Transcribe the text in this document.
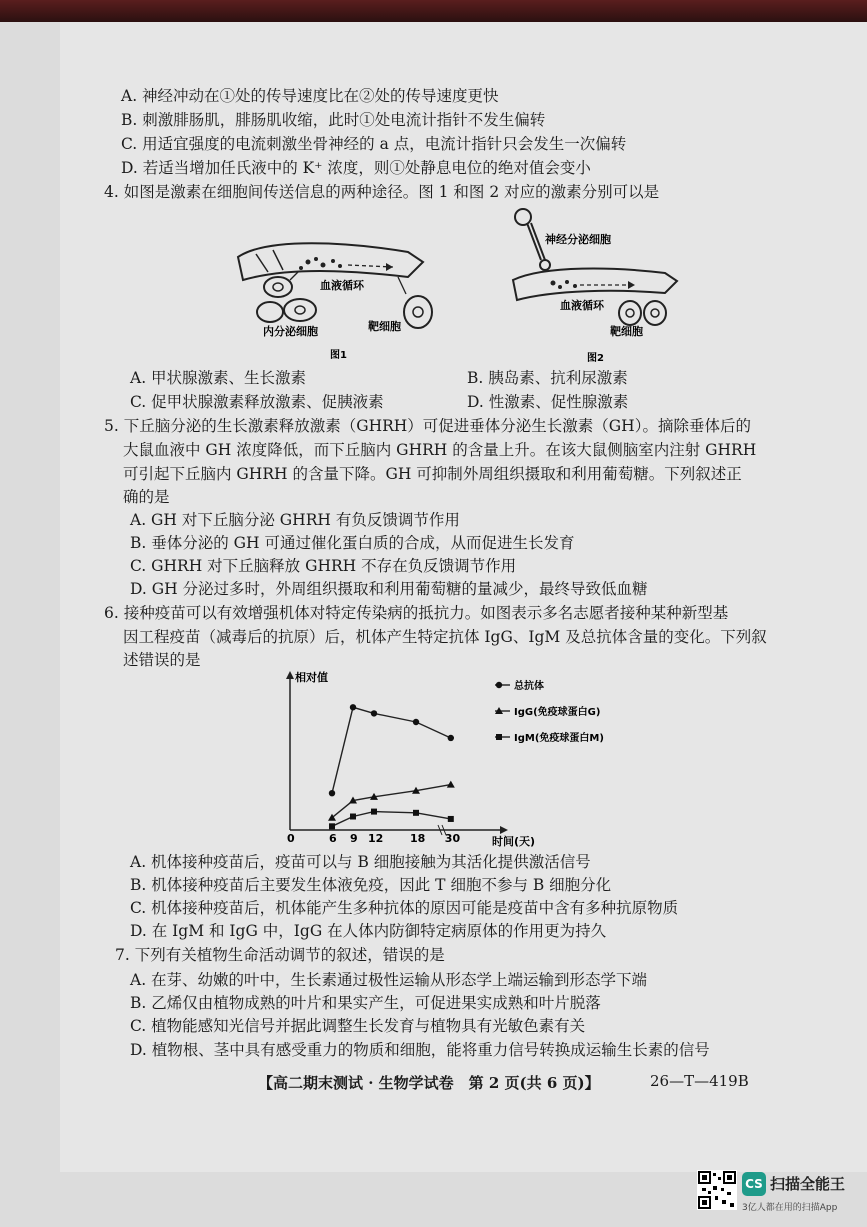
A. 神经冲动在①处的传导速度比在②处的传导速度更快
B. 刺激腓肠肌，腓肠肌收缩，此时①处电流计指针不发生偏转
C. 用适宜强度的电流刺激坐骨神经的 a 点，电流计指针只会发生一次偏转
D. 若适当增加任氏液中的 K⁺ 浓度，则①处静息电位的绝对值会变小
4. 如图是激素在细胞间传送信息的两种途径。图 1 和图 2 对应的激素分别可以是
血液循环
内分泌细胞	靶细胞
图1
神经分泌细胞
血液循环
靶细胞
图2
A. 甲状腺激素、生长激素	B. 胰岛素、抗利尿激素
C. 促甲状腺激素释放激素、促胰液素	D. 性激素、促性腺激素
5. 下丘脑分泌的生长激素释放激素（GHRH）可促进垂体分泌生长激素（GH）。摘除垂体后的
大鼠血液中 GH 浓度降低，而下丘脑内 GHRH 的含量上升。在该大鼠侧脑室内注射 GHRH
可引起下丘脑内 GHRH 的含量下降。GH 可抑制外周组织摄取和利用葡萄糖。下列叙述正
确的是
A. GH 对下丘脑分泌 GHRH 有负反馈调节作用
B. 垂体分泌的 GH 可通过催化蛋白质的合成，从而促进生长发育
C. GHRH 对下丘脑释放 GHRH 不存在负反馈调节作用
D. GH 分泌过多时，外周组织摄取和利用葡萄糖的量减少，最终导致低血糖
6. 接种疫苗可以有效增强机体对特定传染病的抵抗力。如图表示多名志愿者接种某种新型基
因工程疫苗（减毒后的抗原）后，机体产生特定抗体 IgG、IgM 及总抗体含量的变化。下列叙
述错误的是
相对值
时间(天)
0	6 9 12 18 30
总抗体
IgG(免疫球蛋白G)
IgM(免疫球蛋白M)
A. 机体接种疫苗后，疫苗可以与 B 细胞接触为其活化提供激活信号
B. 机体接种疫苗后主要发生体液免疫，因此 T 细胞不参与 B 细胞分化
C. 机体接种疫苗后，机体能产生多种抗体的原因可能是疫苗中含有多种抗原物质
D. 在 IgM 和 IgG 中，IgG 在人体内防御特定病原体的作用更为持久
7. 下列有关植物生命活动调节的叙述，错误的是
A. 在芽、幼嫩的叶中，生长素通过极性运输从形态学上端运输到形态学下端
B. 乙烯仅由植物成熟的叶片和果实产生，可促进果实成熟和叶片脱落
C. 植物能感知光信号并据此调整生长发育与植物具有光敏色素有关
D. 植物根、茎中具有感受重力的物质和细胞，能将重力信号转换成运输生长素的信号
【高二期末测试 · 生物学试卷　第 2 页(共 6 页)】	26—T—419B
CS 扫描全能王
3亿人都在用的扫描App
